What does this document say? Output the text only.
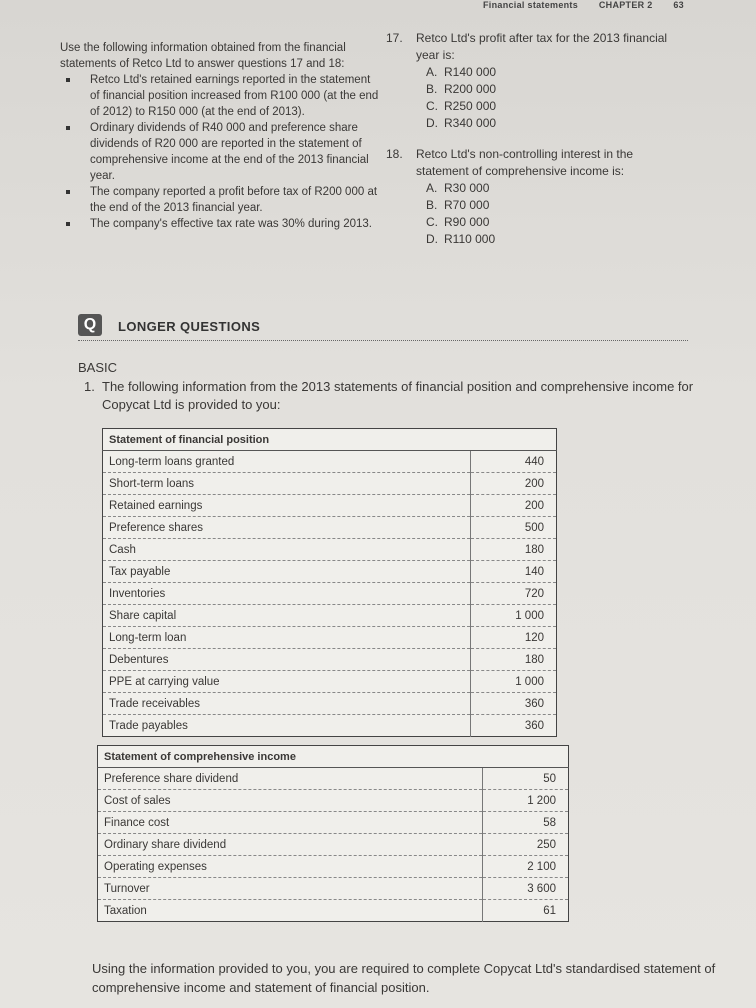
Financial statements CHAPTER 2 63

Use the following information obtained from the financial statements of Retco Ltd to answer questions 17 and 18:

Retco Ltd's retained earnings reported in the statement of financial position increased from R100 000 (at the end of 2012) to R150 000 (at the end of 2013).
Ordinary dividends of R40 000 and preference share dividends of R20 000 are reported in the statement of comprehensive income at the end of the 2013 financial year.
The company reported a profit before tax of R200 000 at the end of the 2013 financial year.
The company's effective tax rate was 30% during 2013.
17.	Retco Ltd's profit after tax for the 2013 financial year is:

A. R140 000
B. R200 000
C. R250 000
D. R340 000
18.	Retco Ltd's non-controlling interest in the statement of comprehensive income is:

A. R30 000
B. R70 000
C. R90 000
D. R110 000
Q	LONGER QUESTIONS
BASIC
1. The following information from the 2013 statements of financial position and comprehensive income for Copycat Ltd is provided to you:
Statement of financial position	
Long-term loans granted	440
Short-term loans	200
Retained earnings	200
Preference shares	500
Cash	180
Tax payable	140
Inventories	720
Share capital	1 000
Long-term loan	120
Debentures	180
PPE at carrying value	1 000
Trade receivables	360
Trade payables	360
Statement of comprehensive income	
Preference share dividend	50
Cost of sales	1 200
Finance cost	58
Ordinary share dividend	250
Operating expenses	2 100
Turnover	3 600
Taxation	61

Using the information provided to you, you are required to complete Copycat Ltd's standardised statement of comprehensive income and statement of financial position.
